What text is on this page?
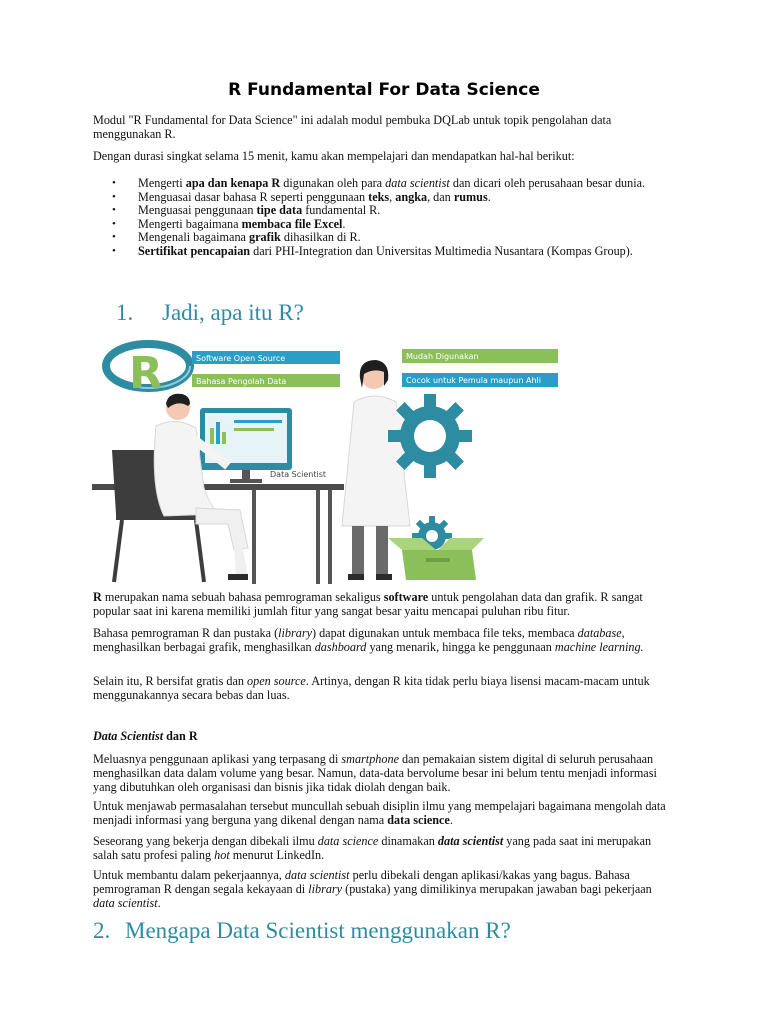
R Fundamental For Data Science

Modul "R Fundamental for Data Science" ini adalah modul pembuka DQLab untuk topik pengolahan data menggunakan R.

Dengan durasi singkat selama 15 menit, kamu akan mempelajari dan mendapatkan hal-hal berikut:

• Mengerti apa dan kenapa R digunakan oleh para data scientist dan dicari oleh perusahaan besar dunia.
• Menguasai dasar bahasa R seperti penggunaan teks, angka, dan rumus.
• Menguasai penggunaan tipe data fundamental R.
• Mengerti bagaimana membaca file Excel.
• Mengenali bagaimana grafik dihasilkan di R.
• Sertifikat pencapaian dari PHI-Integration dan Universitas Multimedia Nusantara (Kompas Group).
1. Jadi, apa itu R?
R	Software Open Source
Bahasa Pengolah Data
Mudah Digunakan
Cocok untuk Pemula maupun Ahli
Data Scientist

R merupakan nama sebuah bahasa pemrograman sekaligus software untuk pengolahan data dan grafik. R sangat popular saat ini karena memiliki jumlah fitur yang sangat besar yaitu mencapai puluhan ribu fitur.

Bahasa pemrograman R dan pustaka (library) dapat digunakan untuk membaca file teks, membaca database, menghasilkan berbagai grafik, menghasilkan dashboard yang menarik, hingga ke penggunaan machine learning.

Selain itu, R bersifat gratis dan open source. Artinya, dengan R kita tidak perlu biaya lisensi macam-macam untuk menggunakannya secara bebas dan luas.

Data Scientist dan R

Meluasnya penggunaan aplikasi yang terpasang di smartphone dan pemakaian sistem digital di seluruh perusahaan menghasilkan data dalam volume yang besar. Namun, data-data bervolume besar ini belum tentu menjadi informasi yang dibutuhkan oleh organisasi dan bisnis jika tidak diolah dengan baik.

Untuk menjawab permasalahan tersebut muncullah sebuah disiplin ilmu yang mempelajari bagaimana mengolah data menjadi informasi yang berguna yang dikenal dengan nama data science.

Seseorang yang bekerja dengan dibekali ilmu data science dinamakan data scientist yang pada saat ini merupakan salah satu profesi paling hot menurut LinkedIn.

Untuk membantu dalam pekerjaannya, data scientist perlu dibekali dengan aplikasi/kakas yang bagus. Bahasa pemrograman R dengan segala kekayaan di library (pustaka) yang dimilikinya merupakan jawaban bagi pekerjaan data scientist.

2. Mengapa Data Scientist menggunakan R?
